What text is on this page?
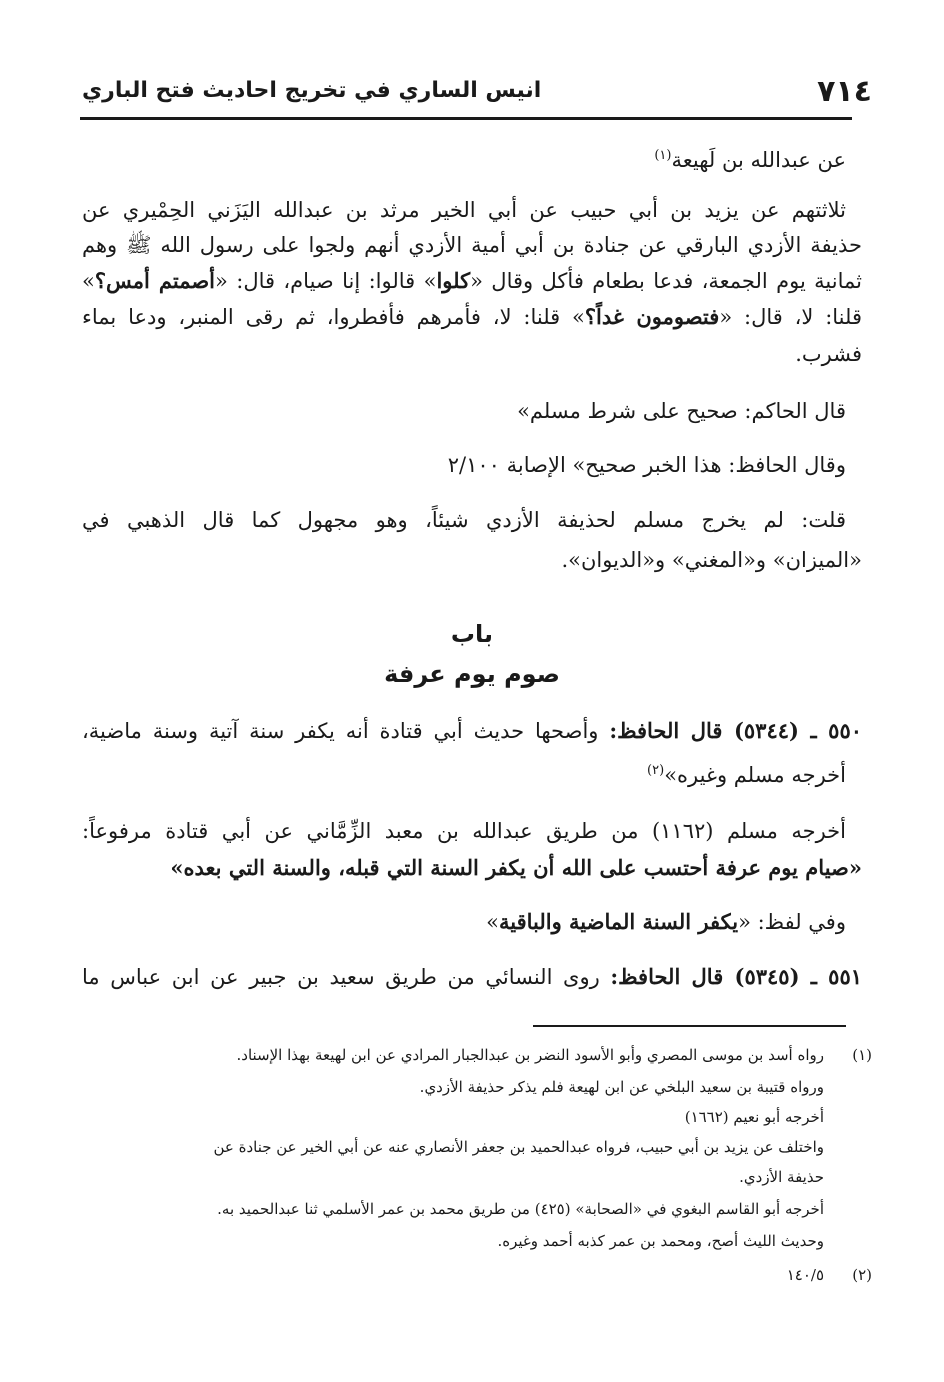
٧١٤
انيس الساري في تخريج احاديث فتح الباري
عن عبدالله بن لَهيعة$^{(١)}$
ثلاثتهم عن يزيد بن أبي حبيب عن أبي الخير مرثد بن عبدالله اليَزَني الحِمْيري عن
حذيفة الأزدي البارقي عن جنادة بن أبي أمية الأزدي أنهم ولجوا على رسول الله ﷺ وهم
ثمانية يوم الجمعة، فدعا بطعام فأكل وقال «كلوا» قالوا: إنا صيام، قال: «أصمتم أمس؟»
قلنا: لا، قال: «فتصومون غداً؟» قلنا: لا، فأمرهم فأفطروا، ثم رقى المنبر، ودعا بماء
فشرب.
قال الحاكم: صحيح على شرط مسلم»
وقال الحافظ: هذا الخبر صحيح» الإصابة ٢/١٠٠
قلت: لم يخرج مسلم لحذيفة الأزدي شيئاً، وهو مجهول كما قال الذهبي في
«الميزان» و«المغني» و«الديوان».
باب
صوم يوم عرفة
٥٥٠ ـ (٥٣٤٤) قال الحافظ: وأصحها حديث أبي قتادة أنه يكفر سنة آتية وسنة ماضية،
أخرجه مسلم وغيره»$^{(٢)}$
أخرجه مسلم (١١٦٢) من طريق عبدالله بن معبد الزِّمَّاني عن أبي قتادة مرفوعاً:
«صيام يوم عرفة أحتسب على الله أن يكفر السنة التي قبله، والسنة التي بعده»
وفي لفظ: «يكفر السنة الماضية والباقية»
٥٥١ ـ (٥٣٤٥) قال الحافظ: روى النسائي من طريق سعيد بن جبير عن ابن عباس ما
(١)
رواه أسد بن موسى المصري وأبو الأسود النضر بن عبدالجبار المرادي عن ابن لهيعة بهذا الإسناد.
ورواه قتيبة بن سعيد البلخي عن ابن لهيعة فلم يذكر حذيفة الأزدي.
أخرجه أبو نعيم (١٦٦٢)
واختلف عن يزيد بن أبي حبيب، فرواه عبدالحميد بن جعفر الأنصاري عنه عن أبي الخير عن جنادة عن
حذيفة الأزدي.
أخرجه أبو القاسم البغوي في «الصحابة» (٤٢٥) من طريق محمد بن عمر الأسلمي ثنا عبدالحميد به.
وحديث الليث أصح، ومحمد بن عمر كذبه أحمد وغيره.
(٢)
١٤٠/٥
